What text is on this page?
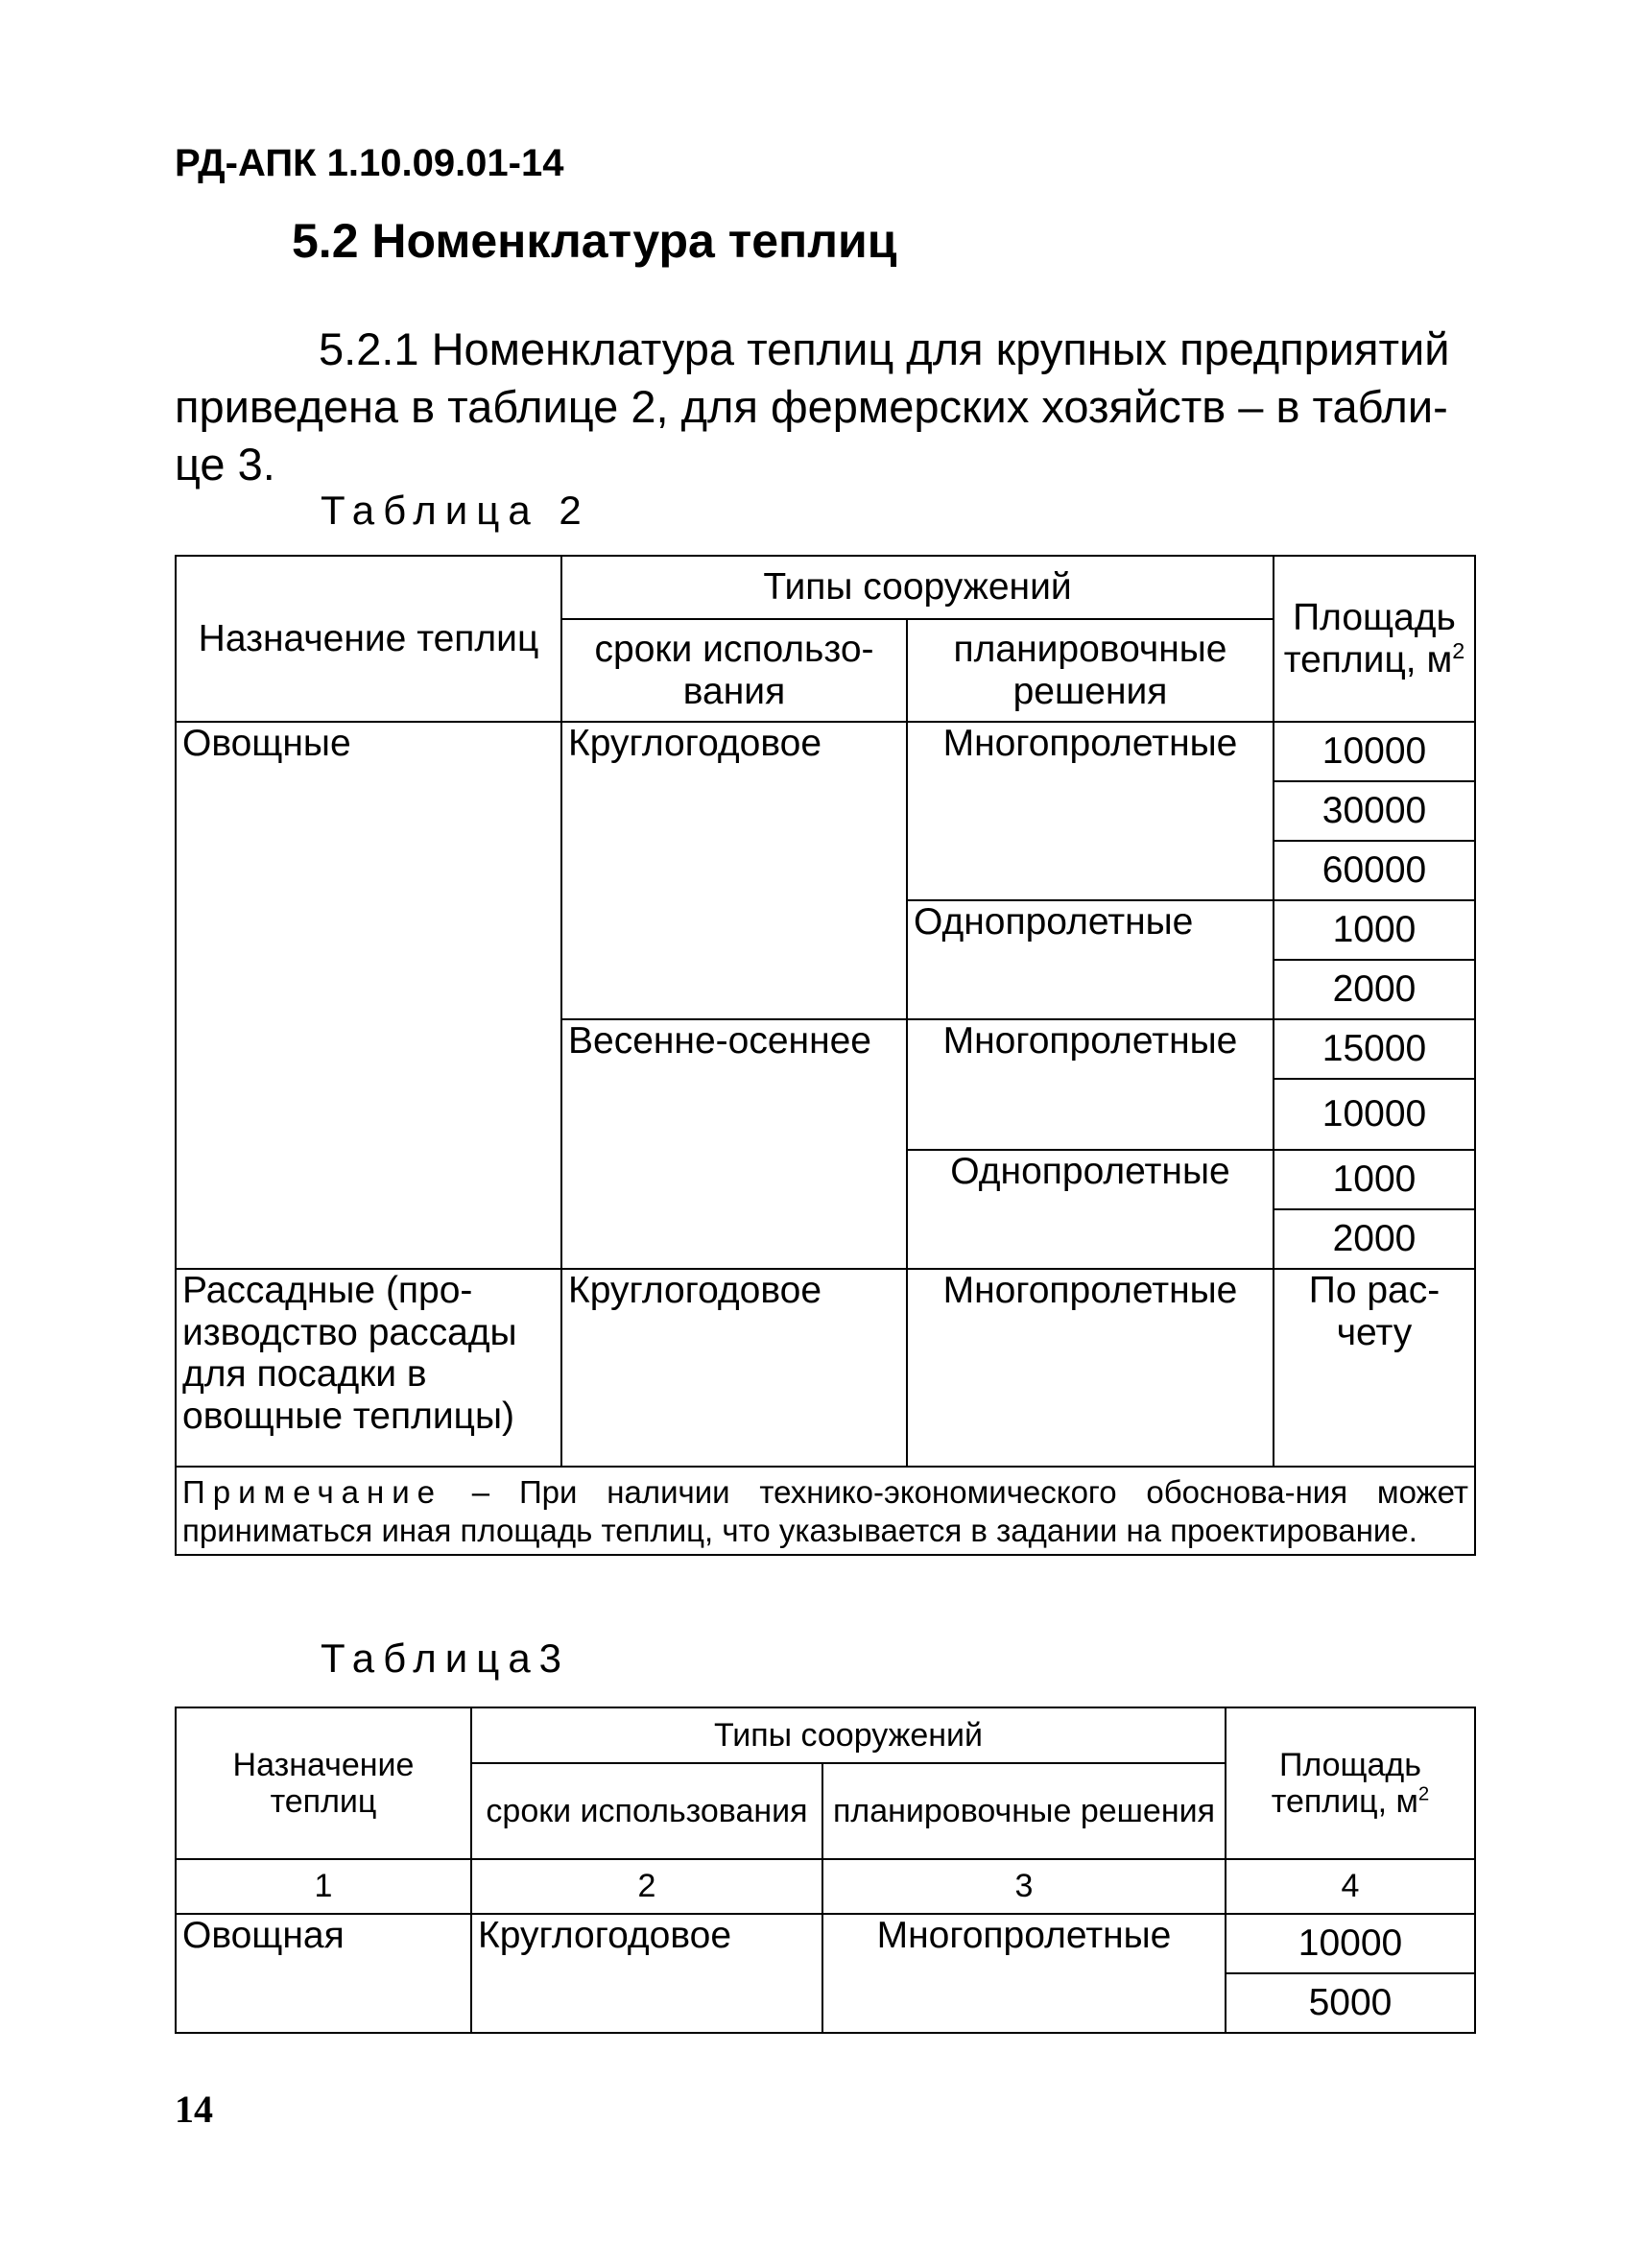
РД-АПК 1.10.09.01-14
5.2 Номенклатура теплиц

5.2.1 Номенклатура теплиц для крупных предприятий приведена в таблице 2, для фермерских хозяйств – в табли-це 3.

Таблица 2
Назначение теплиц	Типы сооружений		Площадь теплиц, $м^2$
	сроки использо-вания	планировочные решения	
Овощные	Круглогодовое	Многопролетные	10000
			30000
			60000
		Однопролетные	1000
			2000
	Весенне-осеннее	Многопролетные	15000
			10000
		Однопролетные	1000
			2000
Рассадные (про-изводство рассады для посадки в овощные теплицы)	Круглогодовое	Многопролетные	По рас-чету
Примечание – При наличии технико-экономического обоснова-ния может приниматься иная площадь теплиц, что указывается в задании на проектирование.			
Таблица3
Назначение теплиц	Типы сооружений		Площадь теплиц, $м^2$
	сроки использования	планировочные решения	
1	2	3	4
Овощная	Круглогодовое	Многопролетные	10000
			5000
14
